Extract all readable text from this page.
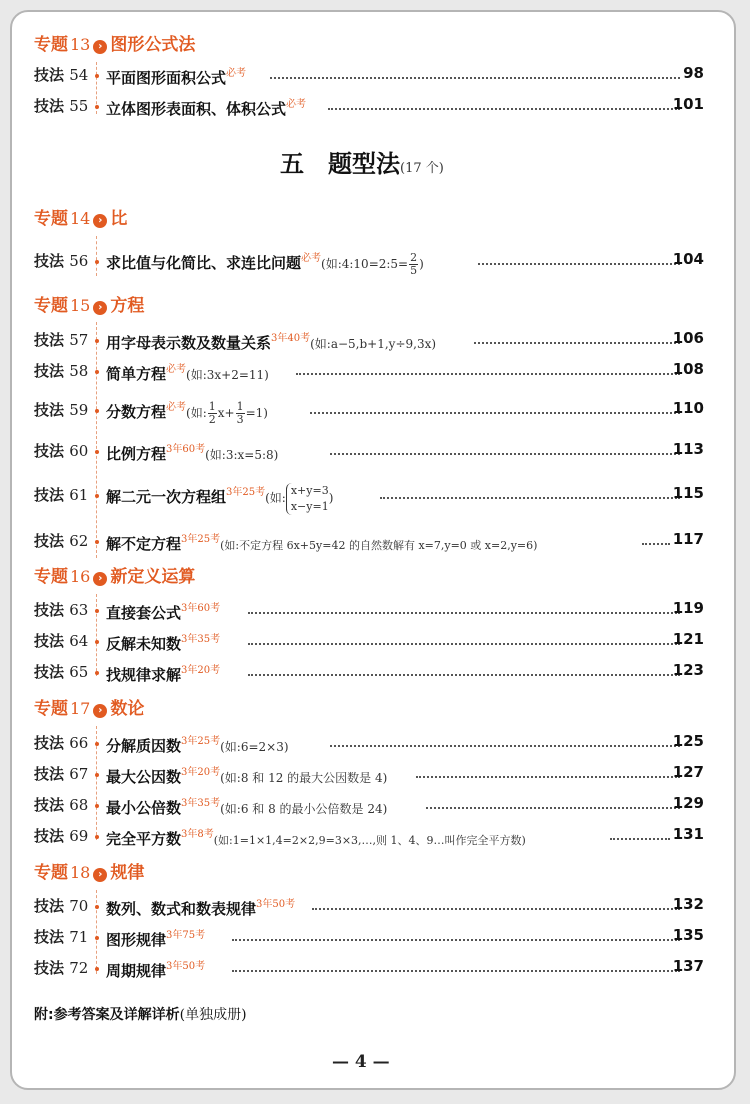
专题 13 › 图形公式法
技法 54 平面图形面积公式$^{必考}$	98
技法 55 立体图形表面积、体积公式$^{必考}$	101
五　题型法(17 个)
专题 14 › 比
技法 56 求比值与化简比、求连比问题$^{必考}$(如:4:10=2:5= $\frac{2}{5}$ )	104
专题 15 › 方程
技法 57 用字母表示数及数量关系$^{3年40考}$(如:a−5,b+1,y÷9,3x)	106
技法 58 简单方程$^{必考}$(如:3x+2=11)	108
技法 59 分数方程$^{必考}$(如: $\frac{1}{2} x+ \frac{1}{3} =1$)	110
技法 60 比例方程$^{3年60考}$(如:3:x=5:8)	113
技法 61 解二元一次方程组$^{3年25考}$(如:
x+y=3
x−y=1
)	115
技法 62 解不定方程$^{3年25考}$(如:不定方程 6x+5y=42 的自然数解有 x=7,y=0 或 x=2,y=6)	117
专题 16 › 新定义运算
技法 63 直接套公式$^{3年60考}$	119
技法 64 反解未知数$^{3年35考}$	121
技法 65 找规律求解$^{3年20考}$	123
专题 17 › 数论
技法 66 分解质因数$^{3年25考}$(如:6=2×3)	125
技法 67 最大公因数$^{3年20考}$(如:8 和 12 的最大公因数是 4)	127
技法 68 最小公倍数$^{3年35考}$(如:6 和 8 的最小公倍数是 24)	129
技法 69 完全平方数$^{3年8考}$(如:1=1×1,4=2×2,9=3×3,…,则 1、4、9…叫作完全平方数)	131
专题 18 › 规律
技法 70 数列、数式和数表规律$^{3年50考}$	132
技法 71 图形规律$^{3年75考}$	135
技法 72 周期规律$^{3年50考}$	137
附:参考答案及详解详析(单独成册)
— 4 —
